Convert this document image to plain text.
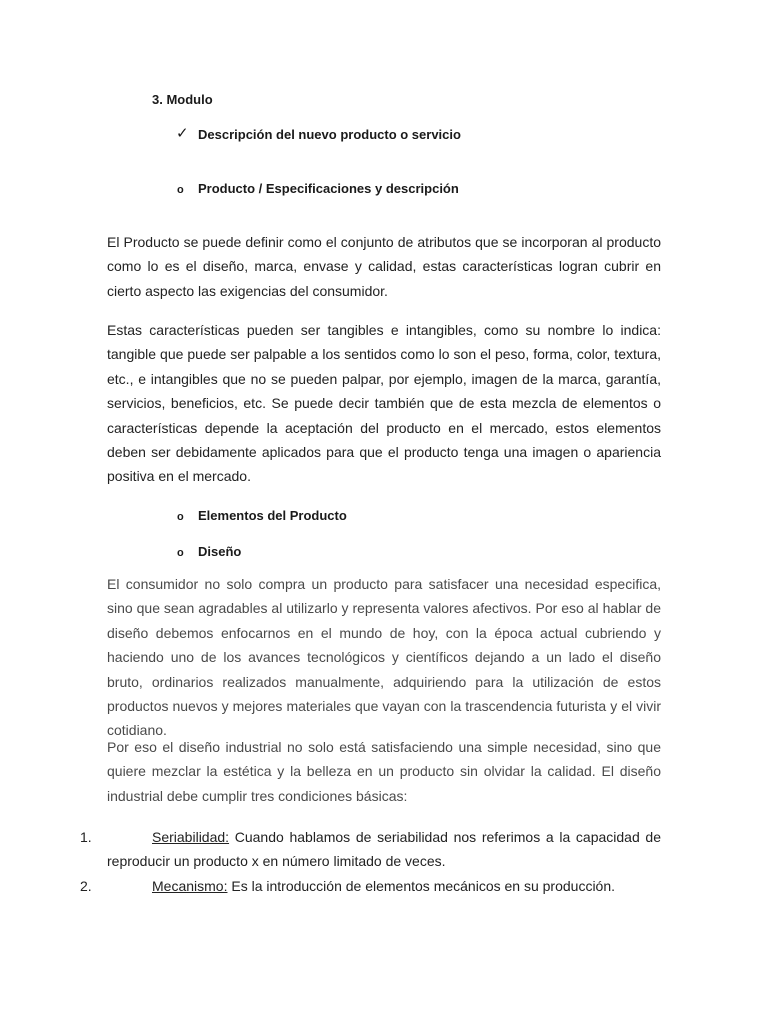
3. Modulo
✓ Descripción del nuevo producto o servicio
o Producto / Especificaciones y descripción

El Producto se puede definir como el conjunto de atributos que se incorporan al producto como lo es el diseño, marca, envase y calidad, estas características logran cubrir en cierto aspecto las exigencias del consumidor.

Estas características pueden ser tangibles e intangibles, como su nombre lo indica: tangible que puede ser palpable a los sentidos como lo son el peso, forma, color, textura, etc., e intangibles que no se pueden palpar, por ejemplo, imagen de la marca, garantía, servicios, beneficios, etc. Se puede decir también que de esta mezcla de elementos o características depende la aceptación del producto en el mercado, estos elementos deben ser debidamente aplicados para que el producto tenga una imagen o apariencia positiva en el mercado.

o Elementos del Producto
o Diseño

El consumidor no solo compra un producto para satisfacer una necesidad especifica, sino que sean agradables al utilizarlo y representa valores afectivos. Por eso al hablar de diseño debemos enfocarnos en el mundo de hoy, con la época actual cubriendo y haciendo uno de los avances tecnológicos y científicos dejando a un lado el diseño bruto, ordinarios realizados manualmente, adquiriendo para la utilización de estos productos nuevos y mejores materiales que vayan con la trascendencia futurista y el vivir cotidiano.

Por eso el diseño industrial no solo está satisfaciendo una simple necesidad, sino que quiere mezclar la estética y la belleza en un producto sin olvidar la calidad. El diseño industrial debe cumplir tres condiciones básicas:

1.	Seriabilidad: Cuando hablamos de seriabilidad nos referimos a la capacidad de reproducir un producto x en número limitado de veces.

2.	Mecanismo: Es la introducción de elementos mecánicos en su producción.
